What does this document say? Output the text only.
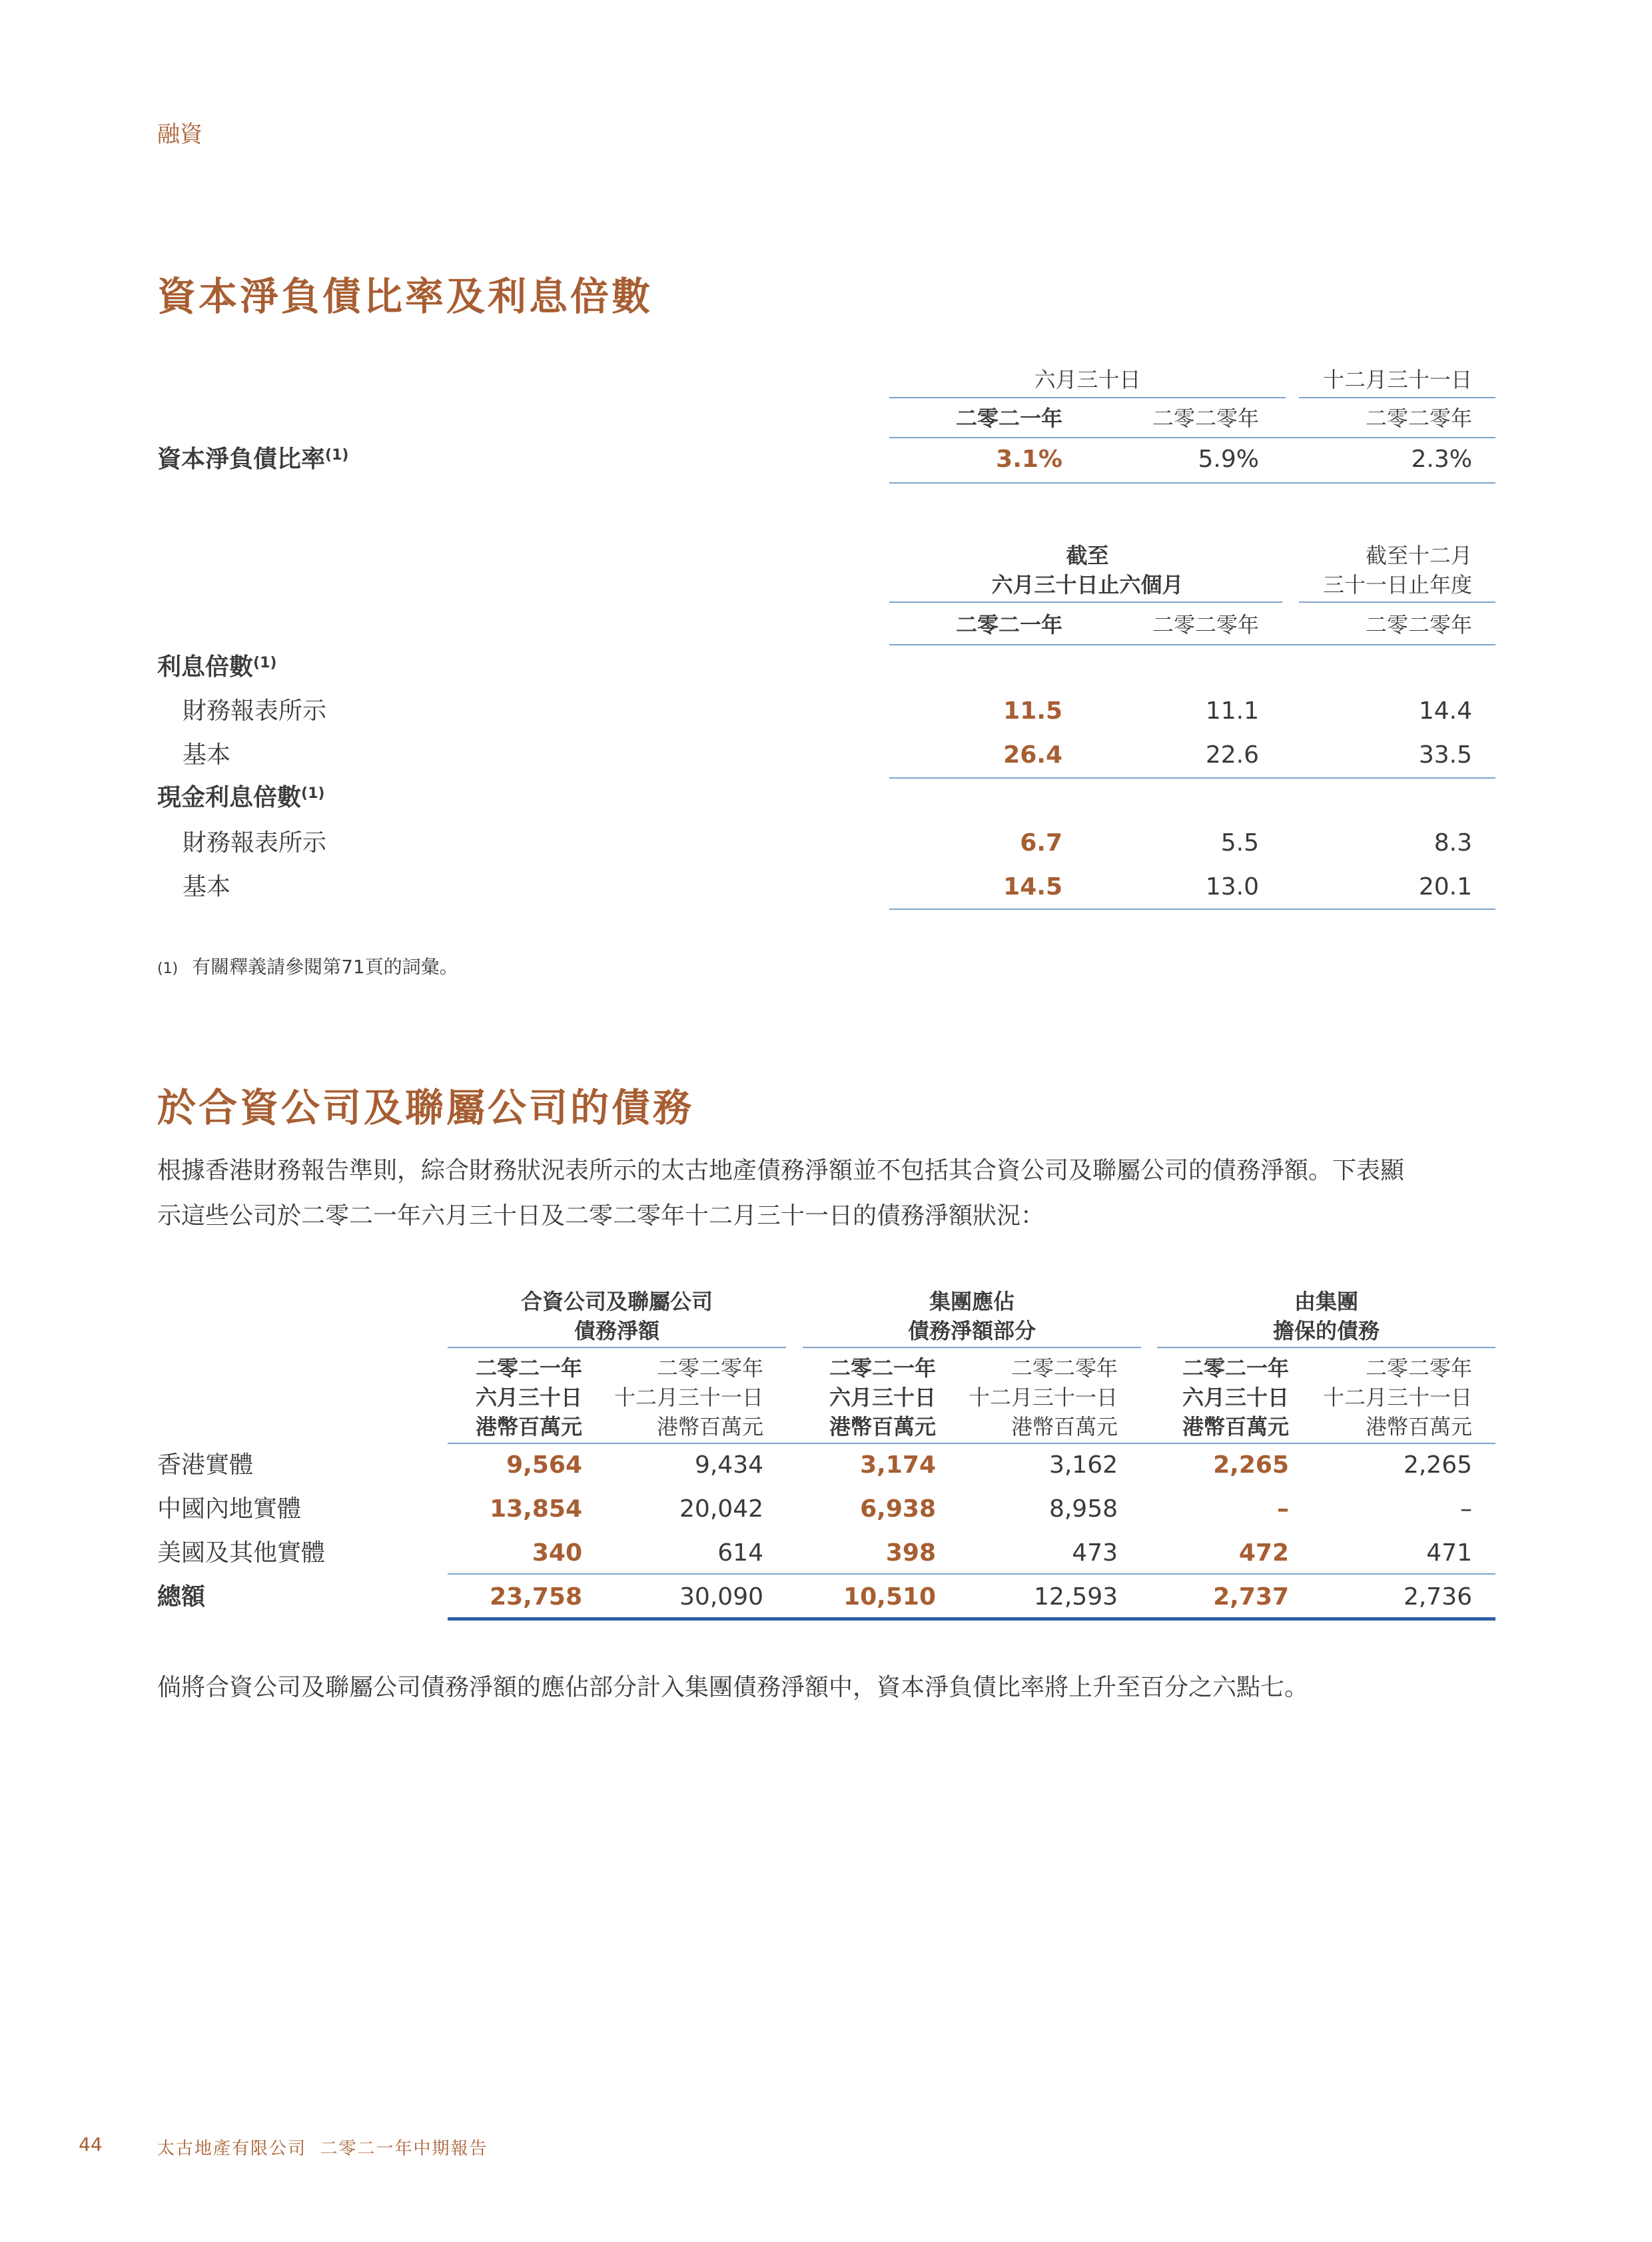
融資
資本淨負債比率及利息倍數
六月三十日	十二月三十一日
二零二一年	二零二零年	二零二零年
資本淨負債比率$^{(1)}$	3.1%	5.9%	2.3%
截至
六月三十日止六個月
截至十二月
三十一日止年度
二零二一年	二零二零年	二零二零年
利息倍數$^{(1)}$
財務報表所示	11.5	11.1	14.4
基本	26.4	22.6	33.5
現金利息倍數$^{(1)}$
財務報表所示	6.7	5.5	8.3
基本	14.5	13.0	20.1
(1) 有關釋義請參閱第71頁的詞彙。
於合資公司及聯屬公司的債務
根據香港財務報告準則，綜合財務狀況表所示的太古地產債務淨額並不包括其合資公司及聯屬公司的債務淨額。下表顯
示這些公司於二零二一年六月三十日及二零二零年十二月三十一日的債務淨額狀況：
合資公司及聯屬公司
債務淨額
集團應佔
債務淨額部分
由集團
擔保的債務
二零二一年
六月三十日
港幣百萬元
二零二零年
十二月三十一日
港幣百萬元
二零二一年
六月三十日
港幣百萬元
二零二零年
十二月三十一日
港幣百萬元
二零二一年
六月三十日
港幣百萬元
二零二零年
十二月三十一日
港幣百萬元
香港實體	9,564	9,434	3,174	3,162	2,265	2,265
中國內地實體	13,854	20,042	6,938	8,958	–	–
美國及其他實體	340	614	398	473	472	471
總額	23,758	30,090	10,510	12,593	2,737	2,736
倘將合資公司及聯屬公司債務淨額的應佔部分計入集團債務淨額中，資本淨負債比率將上升至百分之六點七。
44	太古地產有限公司  二零二一年中期報告
